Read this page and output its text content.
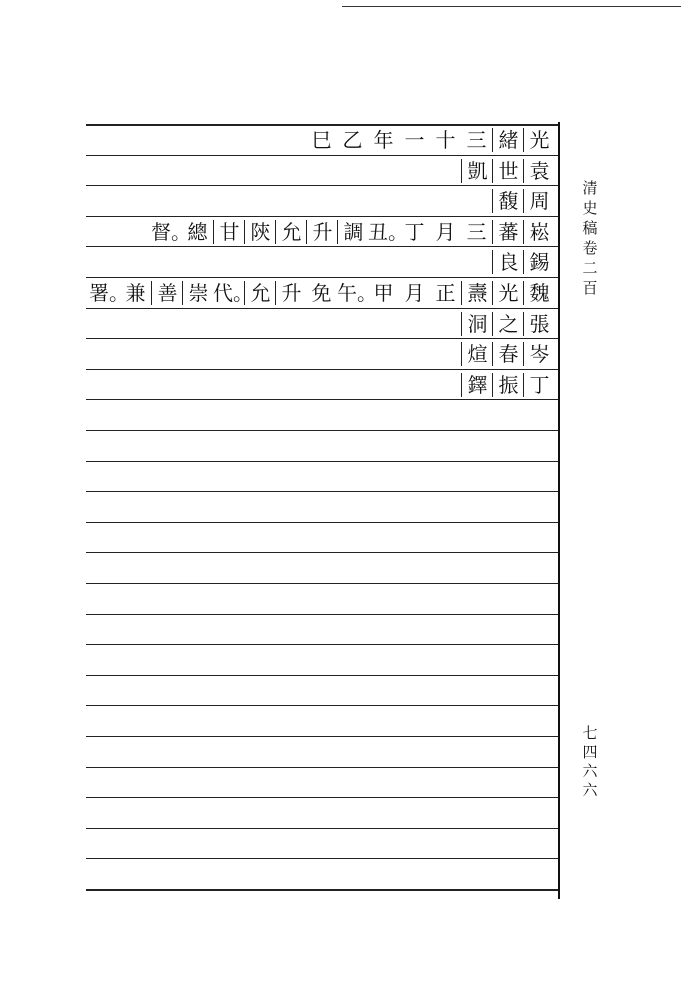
光
緒
三
十
一
年
乙
巳
袁
世
凱
周
馥
崧
蕃
三
月
丁
丑。
調
升
允
陝
甘
總
督。
錫
良
魏
光
燾
正
月
甲
午。
免
升
允
代。
崇
善
兼
署。
張
之
洞
岑
春
煊
丁
振
鐸
清
史
稿
卷
二
百
七
四
六
六
